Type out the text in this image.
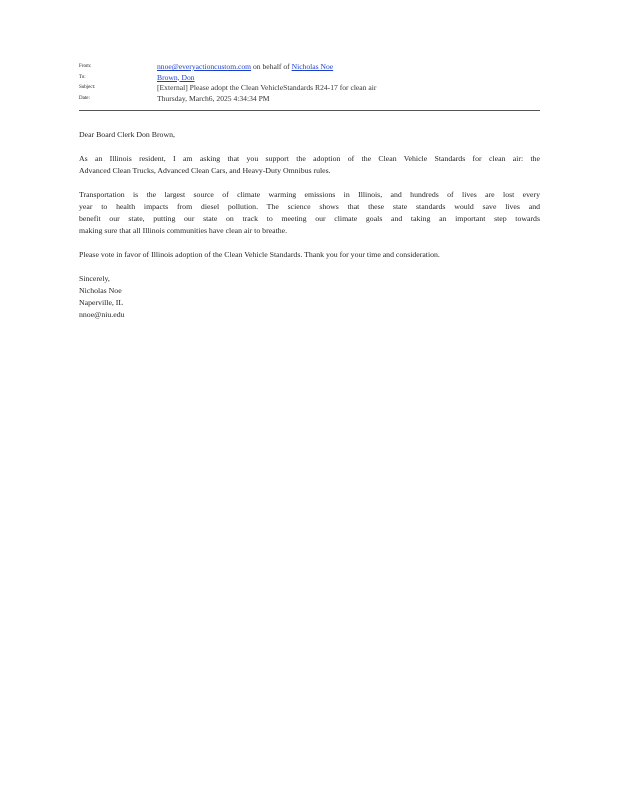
From:	nnoe@everyactioncustom.com on behalf of Nicholas Noe
To:	Brown, Don
Subject:	[External] Please adopt the Clean VehicleStandards R24-17 for clean air
Date:	Thursday, March6, 2025 4:34:34 PM
Dear Board Clerk Don Brown,
As an Illinois resident, I am asking that you support the adoption of the Clean Vehicle Standards for clean air: the
Advanced Clean Trucks, Advanced Clean Cars, and Heavy-Duty Omnibus rules.
Transportation is the largest source of climate warming emissions in Illinois, and hundreds of lives are lost every
year to health impacts from diesel pollution. The science shows that these state standards would save lives and
benefit our state, putting our state on track to meeting our climate goals and taking an important step towards
making sure that all Illinois communities have clean air to breathe.
Please vote in favor of Illinois adoption of the Clean Vehicle Standards. Thank you for your time and consideration.
Sincerely,
Nicholas Noe
Naperville, IL
nnoe@niu.edu
